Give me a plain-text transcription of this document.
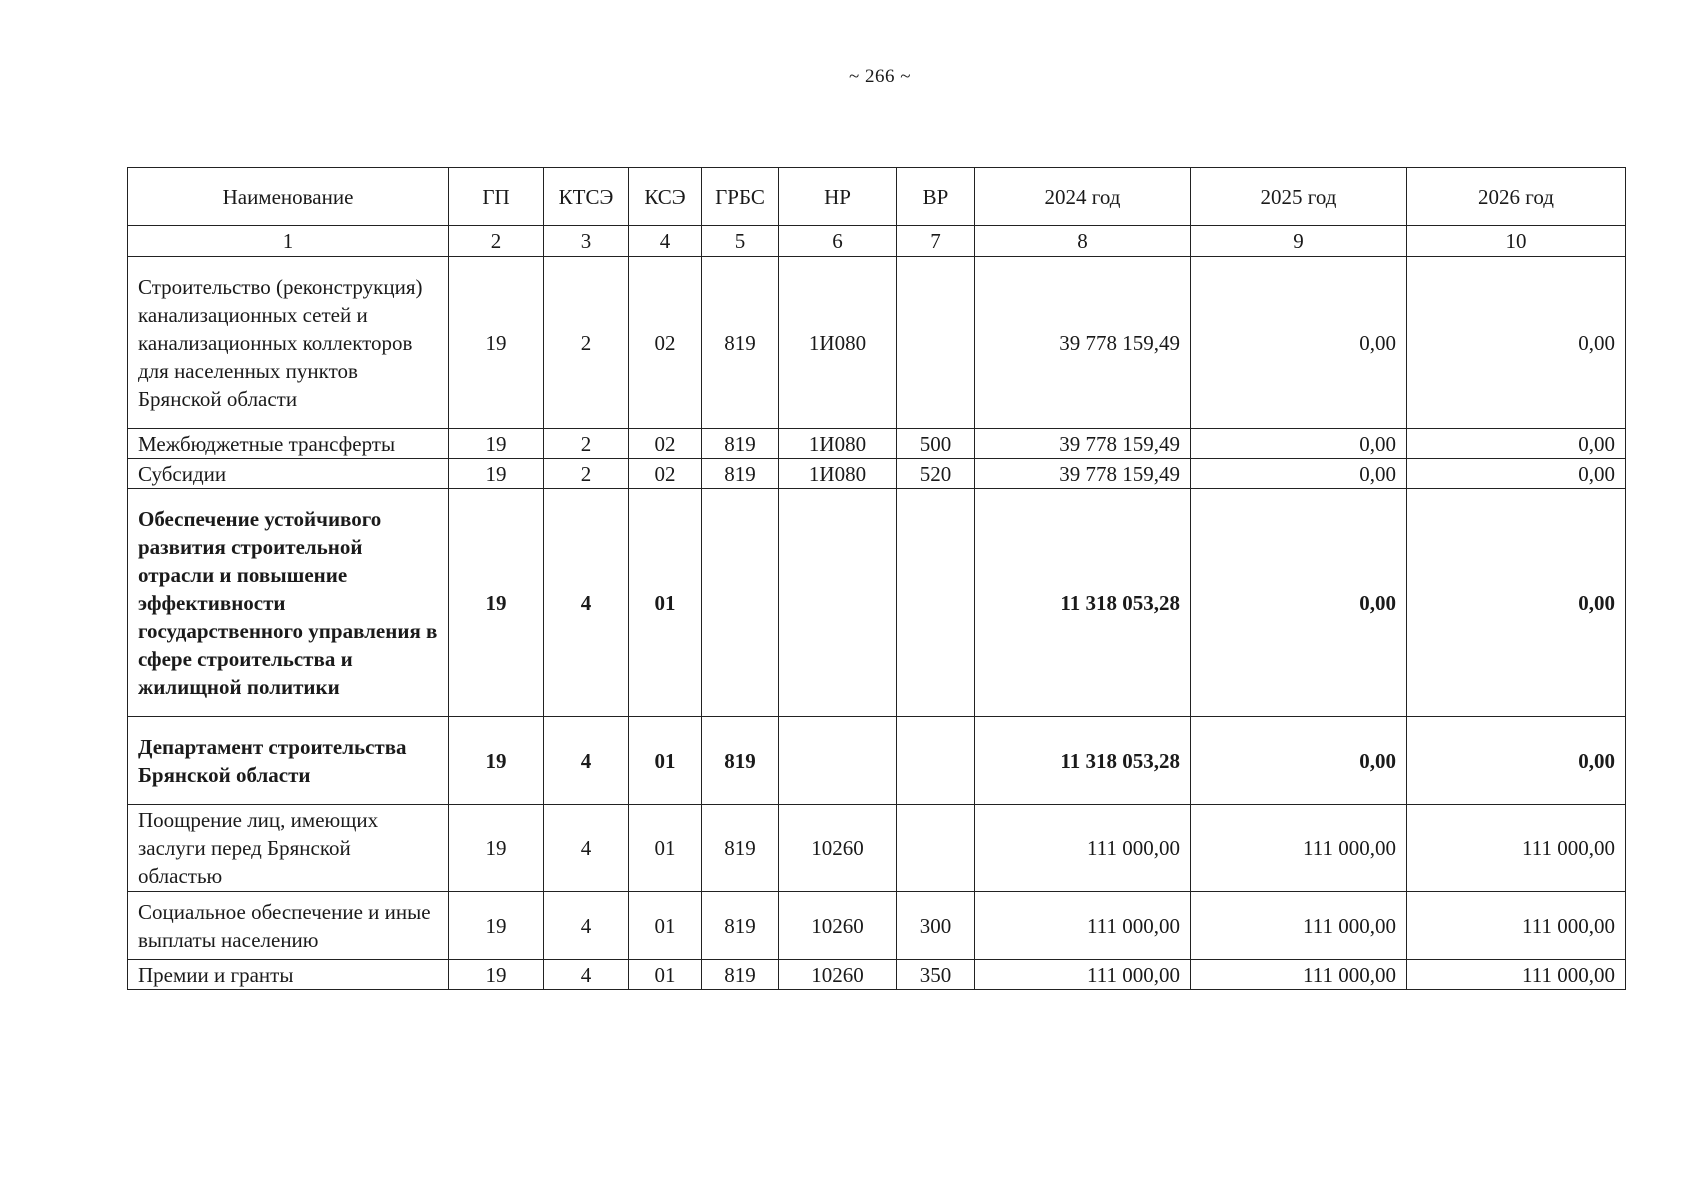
~ 266 ~
Наименование	ГП	КТСЭ	КСЭ	ГРБС	НР	ВР	2024 год	2025 год	2026 год
1	2	3	4	5	6	7	8	9	10
Строительство (реконструкция) канализационных сетей и канализационных коллекторов для населенных пунктов Брянской области	19	2	02	819	1И080		39 778 159,49	0,00	0,00
Межбюджетные трансферты	19	2	02	819	1И080	500	39 778 159,49	0,00	0,00
Субсидии	19	2	02	819	1И080	520	39 778 159,49	0,00	0,00
Обеспечение устойчивого развития строительной отрасли и повышение эффективности государственного управления в сфере строительства и жилищной политики	19	4	01				11 318 053,28	0,00	0,00
Департамент строительства Брянской области	19	4	01	819			11 318 053,28	0,00	0,00
Поощрение лиц, имеющих заслуги перед Брянской областью	19	4	01	819	10260		111 000,00	111 000,00	111 000,00
Социальное обеспечение и иные выплаты населению	19	4	01	819	10260	300	111 000,00	111 000,00	111 000,00
Премии и гранты	19	4	01	819	10260	350	111 000,00	111 000,00	111 000,00
